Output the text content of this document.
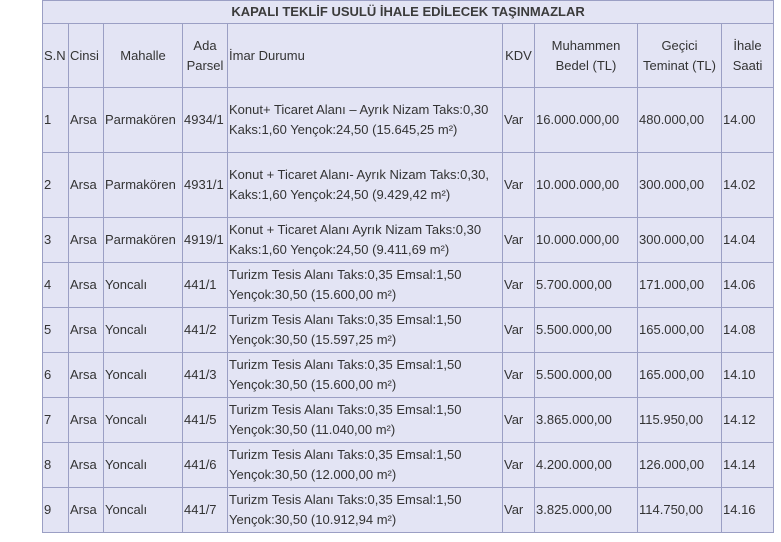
KAPALI TEKLİF USULÜ İHALE EDİLECEK TAŞINMAZLAR								
S.N	Cinsi	Mahalle	Ada Parsel	İmar Durumu	KDV	Muhammen Bedel (TL)	Geçici Teminat (TL)	İhale Saati
1	Arsa	Parmakören	4934/1	Konut+ Ticaret Alanı – Ayrık Nizam Taks:0,30 Kaks:1,60 Yençok:24,50 (15.645,25 m²)	Var	16.000.000,00	480.000,00	14.00
2	Arsa	Parmakören	4931/1	Konut + Ticaret Alanı- Ayrık Nizam Taks:0,30, Kaks:1,60 Yençok:24,50 (9.429,42 m²)	Var	10.000.000,00	300.000,00	14.02
3	Arsa	Parmakören	4919/1	Konut + Ticaret Alanı Ayrık Nizam Taks:0,30 Kaks:1,60 Yençok:24,50 (9.411,69 m²)	Var	10.000.000,00	300.000,00	14.04
4	Arsa	Yoncalı	441/1	Turizm Tesis Alanı Taks:0,35 Emsal:1,50 Yençok:30,50 (15.600,00 m²)	Var	5.700.000,00	171.000,00	14.06
5	Arsa	Yoncalı	441/2	Turizm Tesis Alanı Taks:0,35 Emsal:1,50 Yençok:30,50 (15.597,25 m²)	Var	5.500.000,00	165.000,00	14.08
6	Arsa	Yoncalı	441/3	Turizm Tesis Alanı Taks:0,35 Emsal:1,50 Yençok:30,50 (15.600,00 m²)	Var	5.500.000,00	165.000,00	14.10
7	Arsa	Yoncalı	441/5	Turizm Tesis Alanı Taks:0,35 Emsal:1,50 Yençok:30,50 (11.040,00 m²)	Var	3.865.000,00	115.950,00	14.12
8	Arsa	Yoncalı	441/6	Turizm Tesis Alanı Taks:0,35 Emsal:1,50 Yençok:30,50 (12.000,00 m²)	Var	4.200.000,00	126.000,00	14.14
9	Arsa	Yoncalı	441/7	Turizm Tesis Alanı Taks:0,35 Emsal:1,50 Yençok:30,50 (10.912,94 m²)	Var	3.825.000,00	114.750,00	14.16
